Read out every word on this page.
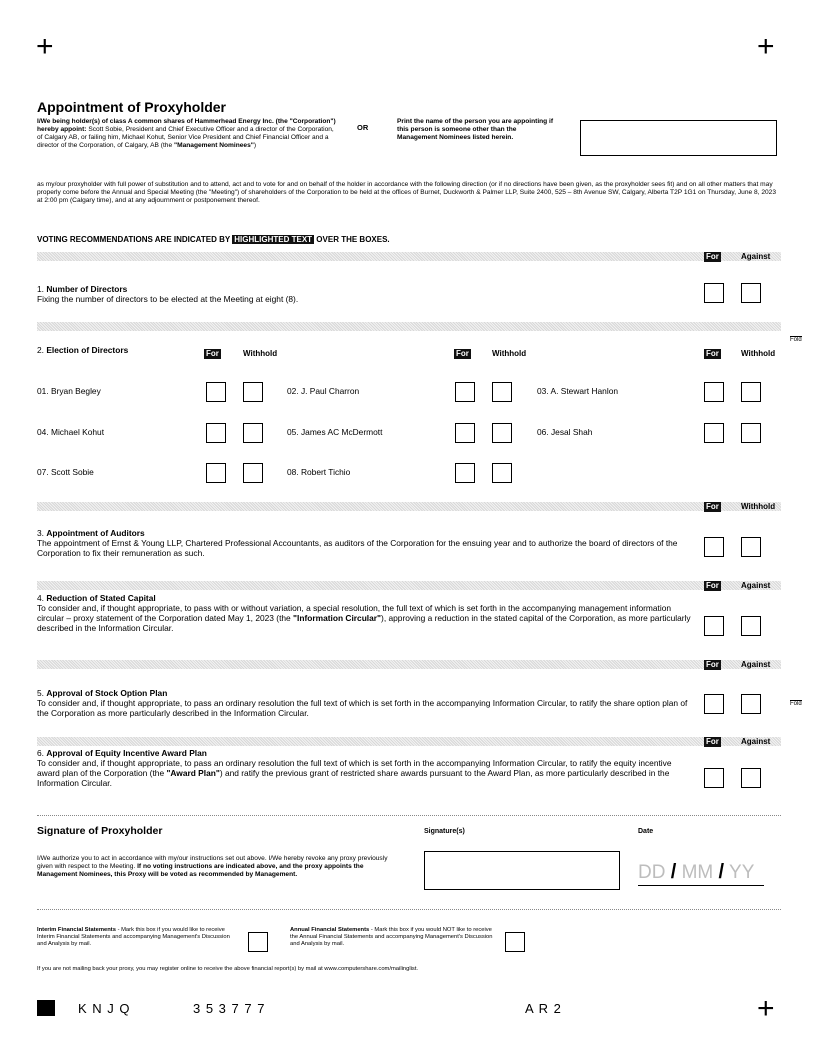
+	+
+
Appointment of Proxyholder
I/We being holder(s) of class A common shares of Hammerhead Energy Inc. (the "Corporation") hereby appoint: Scott Sobie, President and Chief Executive Officer and a director of the Corporation, of Calgary AB, or failing him, Michael Kohut, Senior Vice President and Chief Financial Officer and a director of the Corporation, of Calgary, AB (the "Management Nominees")
OR
Print the name of the person you are appointing if this person is someone other than the Management Nominees listed herein.
as my/our proxyholder with full power of substitution and to attend, act and to vote for and on behalf of the holder in accordance with the following direction (or if no directions have been given, as the proxyholder sees fit) and on all other matters that may properly come before the Annual and Special Meeting (the "Meeting") of shareholders of the Corporation to be held at the offices of Burnet, Duckworth & Palmer LLP, Suite 2400, 525 – 8th Avenue SW, Calgary, Alberta T2P 1G1 on Thursday, June 8, 2023 at 2:00 pm (Calgary time), and at any adjournment or postponement thereof.
VOTING RECOMMENDATIONS ARE INDICATED BY HIGHLIGHTED TEXT OVER THE BOXES.
For	Against
1. Number of Directors
Fixing the number of directors to be elected at the Meeting at eight (8).
2. Election of Directors	For	Withhold	For	Withhold	For	Withhold
Fold
01. Bryan Begley	02. J. Paul Charron	03. A. Stewart Hanlon
04. Michael Kohut	05. James AC McDermott	06. Jesal Shah
07. Scott Sobie	08. Robert Tichio
For	Withhold
3. Appointment of Auditors
The appointment of Ernst & Young LLP, Chartered Professional Accountants, as auditors of the Corporation for the ensuing year and to authorize the board of directors of the Corporation to fix their remuneration as such.
For	Against
4. Reduction of Stated Capital
To consider and, if thought appropriate, to pass with or without variation, a special resolution, the full text of which is set forth in the accompanying management information circular – proxy statement of the Corporation dated May 1, 2023 (the "Information Circular"), approving a reduction in the stated capital of the Corporation, as more particularly described in the Information Circular.
For	Against
5. Approval of Stock Option Plan
To consider and, if thought appropriate, to pass an ordinary resolution the full text of which is set forth in the accompanying Information Circular, to ratify the share option plan of the Corporation as more particularly described in the Information Circular.
Fold
For	Against
6. Approval of Equity Incentive Award Plan
To consider and, if thought appropriate, to pass an ordinary resolution the full text of which is set forth in the accompanying Information Circular, to ratify the equity incentive award plan of the Corporation (the "Award Plan") and ratify the previous grant of restricted share awards pursuant to the Award Plan, as more particularly described in the Information Circular.
Signature of Proxyholder	Signature(s)	Date
I/We authorize you to act in accordance with my/our instructions set out above. I/We hereby revoke any proxy previously given with respect to the Meeting. If no voting instructions are indicated above, and the proxy appoints the Management Nominees, this Proxy will be voted as recommended by Management.	DD / MM / YY
Interim Financial Statements - Mark this box if you would like to receive Interim Financial Statements and accompanying Management's Discussion and Analysis by mail.
Annual Financial Statements - Mark this box if you would NOT like to receive the Annual Financial Statements and accompanying Management's Discussion and Analysis by mail.
If you are not mailing back your proxy, you may register online to receive the above financial report(s) by mail at www.computershare.com/mailinglist.
K N J Q	3 5 3 7 7 7	A R 2
